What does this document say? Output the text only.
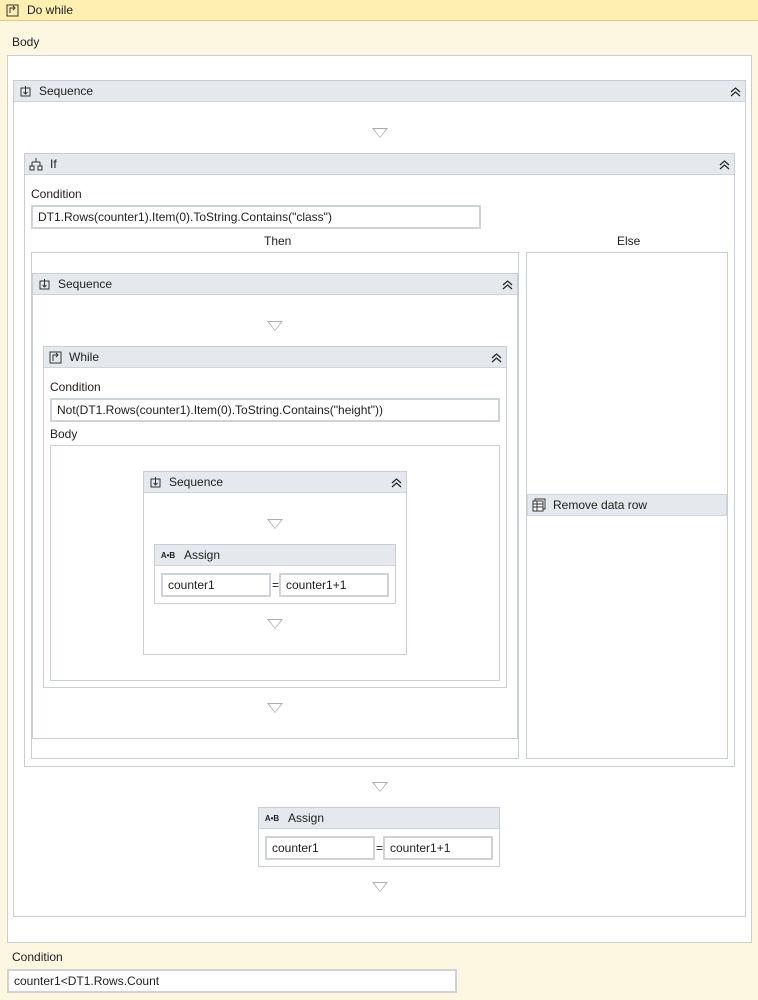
Do while
Body
Sequence
If
Condition
DT1.Rows(counter1).Item(0).ToString.Contains("class")
Then	Else
Sequence
While
Condition
Not(DT1.Rows(counter1).Item(0).ToString.Contains("height"))
Body
Sequence
A•B Assign
counter1	= counter1+1
Remove data row
A•B Assign
counter1	= counter1+1
Condition
counter1<DT1.Rows.Count
